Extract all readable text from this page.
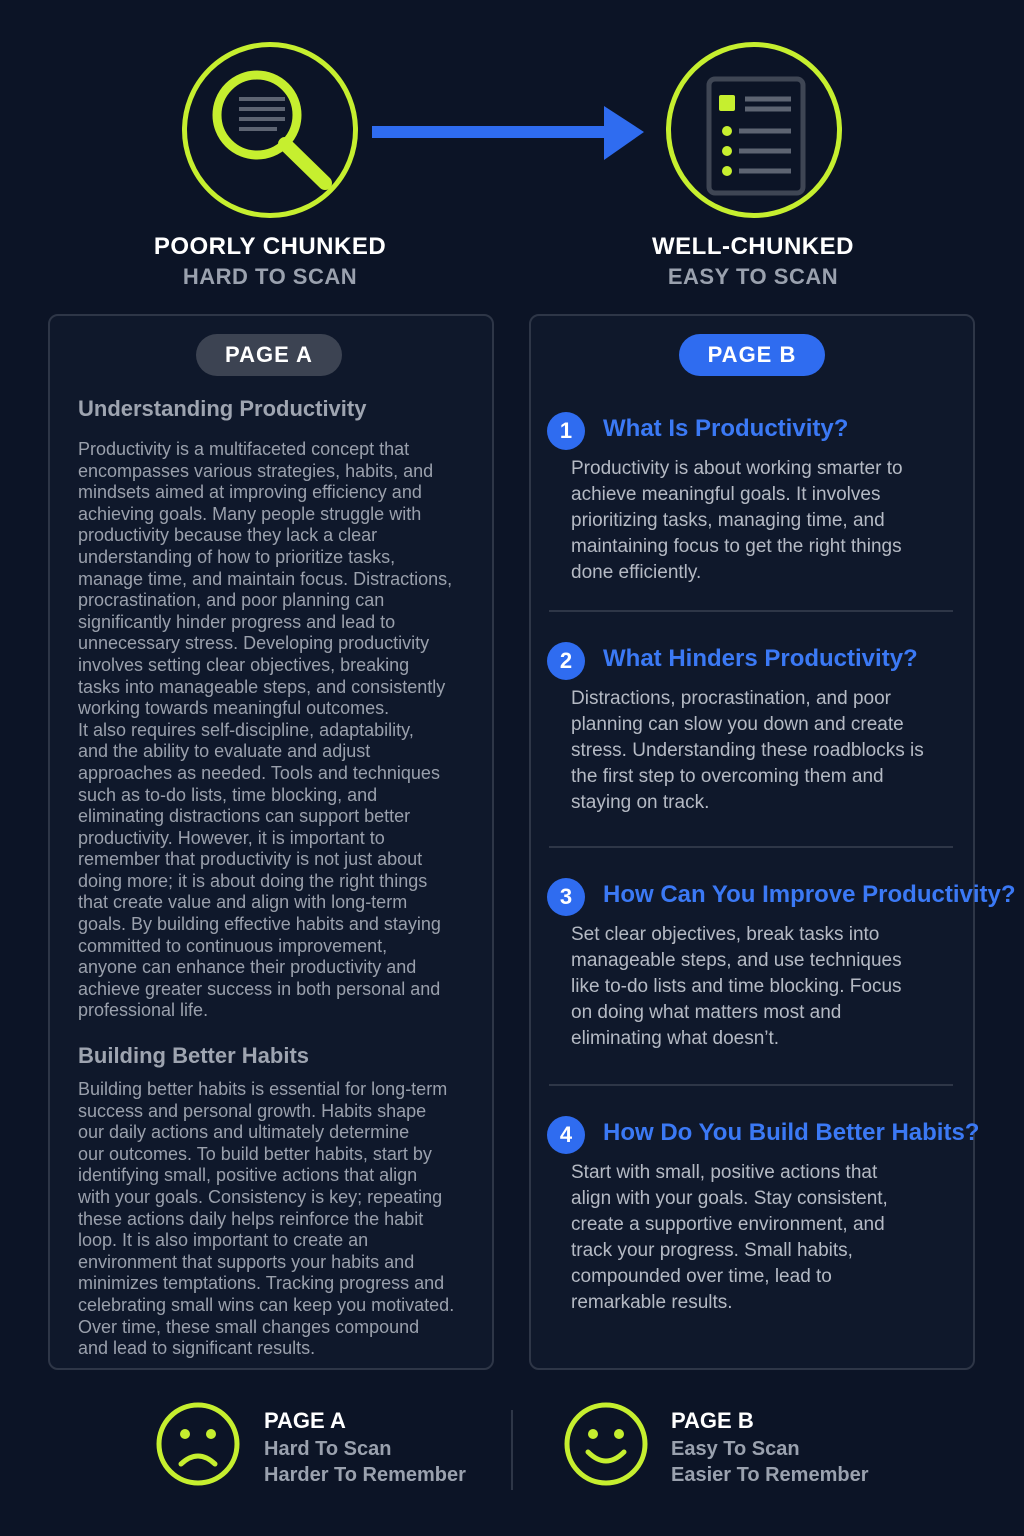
POORLY CHUNKED
HARD TO SCAN
WELL-CHUNKED
EASY TO SCAN
PAGE A
Understanding Productivity
Productivity is a multifaceted concept that
encompasses various strategies, habits, and
mindsets aimed at improving efficiency and
achieving goals. Many people struggle with
productivity because they lack a clear
understanding of how to prioritize tasks,
manage time, and maintain focus. Distractions,
procrastination, and poor planning can
significantly hinder progress and lead to
unnecessary stress. Developing productivity
involves setting clear objectives, breaking
tasks into manageable steps, and consistently
working towards meaningful outcomes.
It also requires self-discipline, adaptability,
and the ability to evaluate and adjust
approaches as needed. Tools and techniques
such as to-do lists, time blocking, and
eliminating distractions can support better
productivity. However, it is important to
remember that productivity is not just about
doing more; it is about doing the right things
that create value and align with long-term
goals. By building effective habits and staying
committed to continuous improvement,
anyone can enhance their productivity and
achieve greater success in both personal and
professional life.
Building Better Habits
Building better habits is essential for long-term
success and personal growth. Habits shape
our daily actions and ultimately determine
our outcomes. To build better habits, start by
identifying small, positive actions that align
with your goals. Consistency is key; repeating
these actions daily helps reinforce the habit
loop. It is also important to create an
environment that supports your habits and
minimizes temptations. Tracking progress and
celebrating small wins can keep you motivated.
Over time, these small changes compound
and lead to significant results.
PAGE B
1	What Is Productivity?
Productivity is about working smarter to
achieve meaningful goals. It involves
prioritizing tasks, managing time, and
maintaining focus to get the right things
done efficiently.
2	What Hinders Productivity?
Distractions, procrastination, and poor
planning can slow you down and create
stress. Understanding these roadblocks is
the first step to overcoming them and
staying on track.
3	How Can You Improve Productivity?
Set clear objectives, break tasks into
manageable steps, and use techniques
like to-do lists and time blocking. Focus
on doing what matters most and
eliminating what doesn’t.
4	How Do You Build Better Habits?
Start with small, positive actions that
align with your goals. Stay consistent,
create a supportive environment, and
track your progress. Small habits,
compounded over time, lead to
remarkable results.
PAGE A
Hard To Scan
Harder To Remember
PAGE B
Easy To Scan
Easier To Remember
